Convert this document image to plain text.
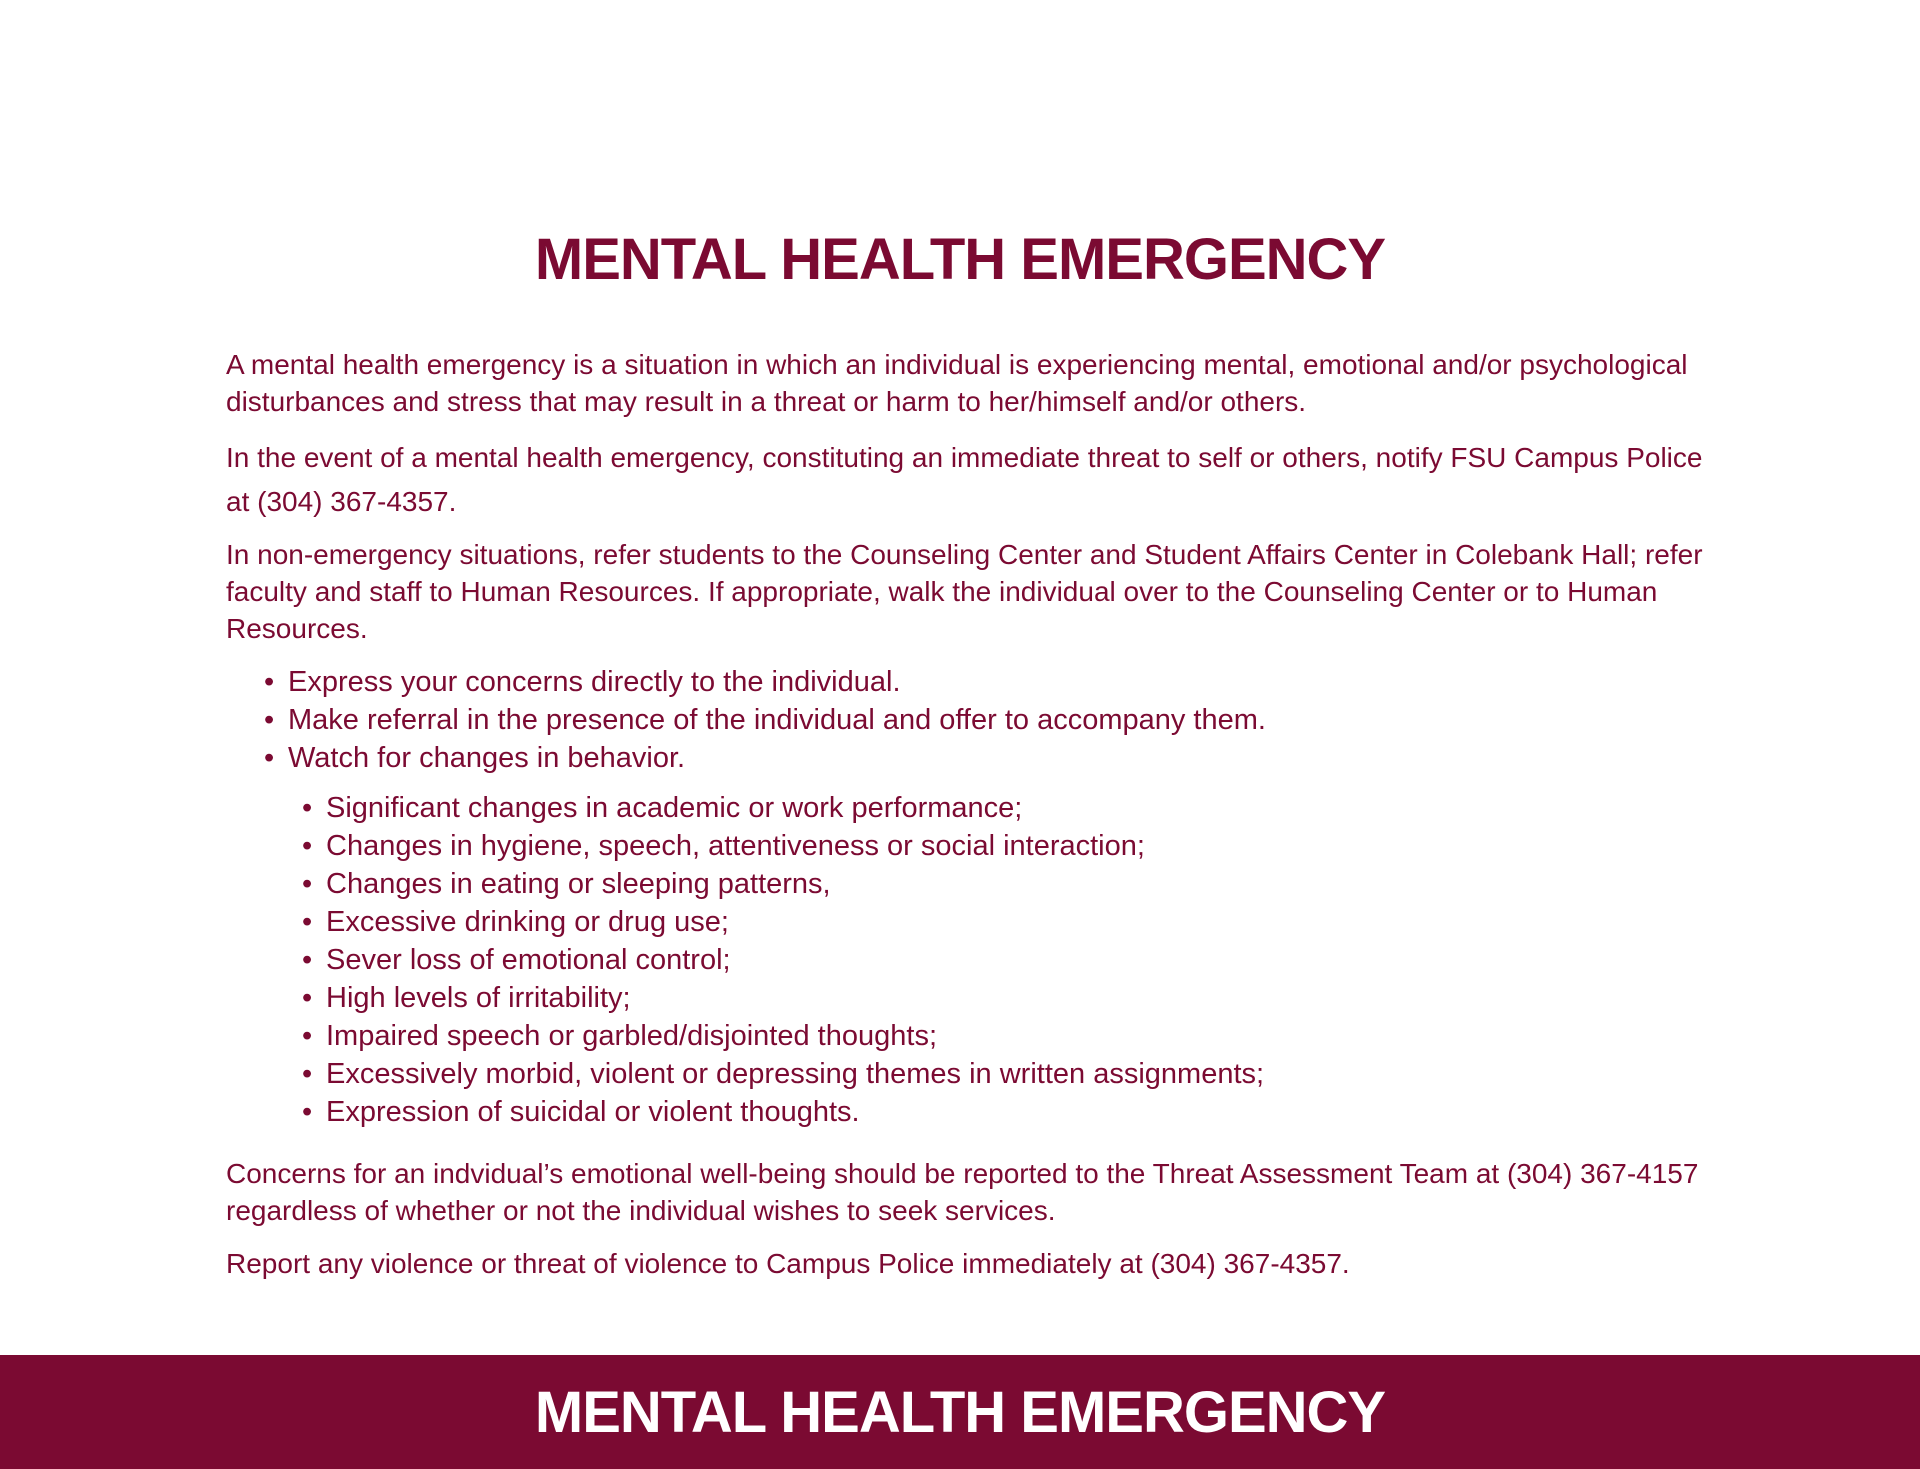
MENTAL HEALTH EMERGENCY

A mental health emergency is a situation in which an individual is experiencing mental, emotional and/or psychological disturbances and stress that may result in a threat or harm to her/himself and/or others.

In the event of a mental health emergency, constituting an immediate threat to self or others, notify FSU Campus Police at (304) 367-4357.

In non-emergency situations, refer students to the Counseling Center and Student Affairs Center in Colebank Hall; refer faculty and staff to Human Resources. If appropriate, walk the individual over to the Counseling Center or to Human Resources.

• Express your concerns directly to the individual.
• Make referral in the presence of the individual and offer to accompany them.
• Watch for changes in behavior.
• Significant changes in academic or work performance;
• Changes in hygiene, speech, attentiveness or social interaction;
• Changes in eating or sleeping patterns,
• Excessive drinking or drug use;
• Sever loss of emotional control;
• High levels of irritability;
• Impaired speech or garbled/disjointed thoughts;
• Excessively morbid, violent or depressing themes in written assignments;
• Expression of suicidal or violent thoughts.

Concerns for an indvidual’s emotional well-being should be reported to the Threat Assessment Team at (304) 367-4157 regardless of whether or not the individual wishes to seek services.

Report any violence or threat of violence to Campus Police immediately at (304) 367-4357.

MENTAL HEALTH EMERGENCY
